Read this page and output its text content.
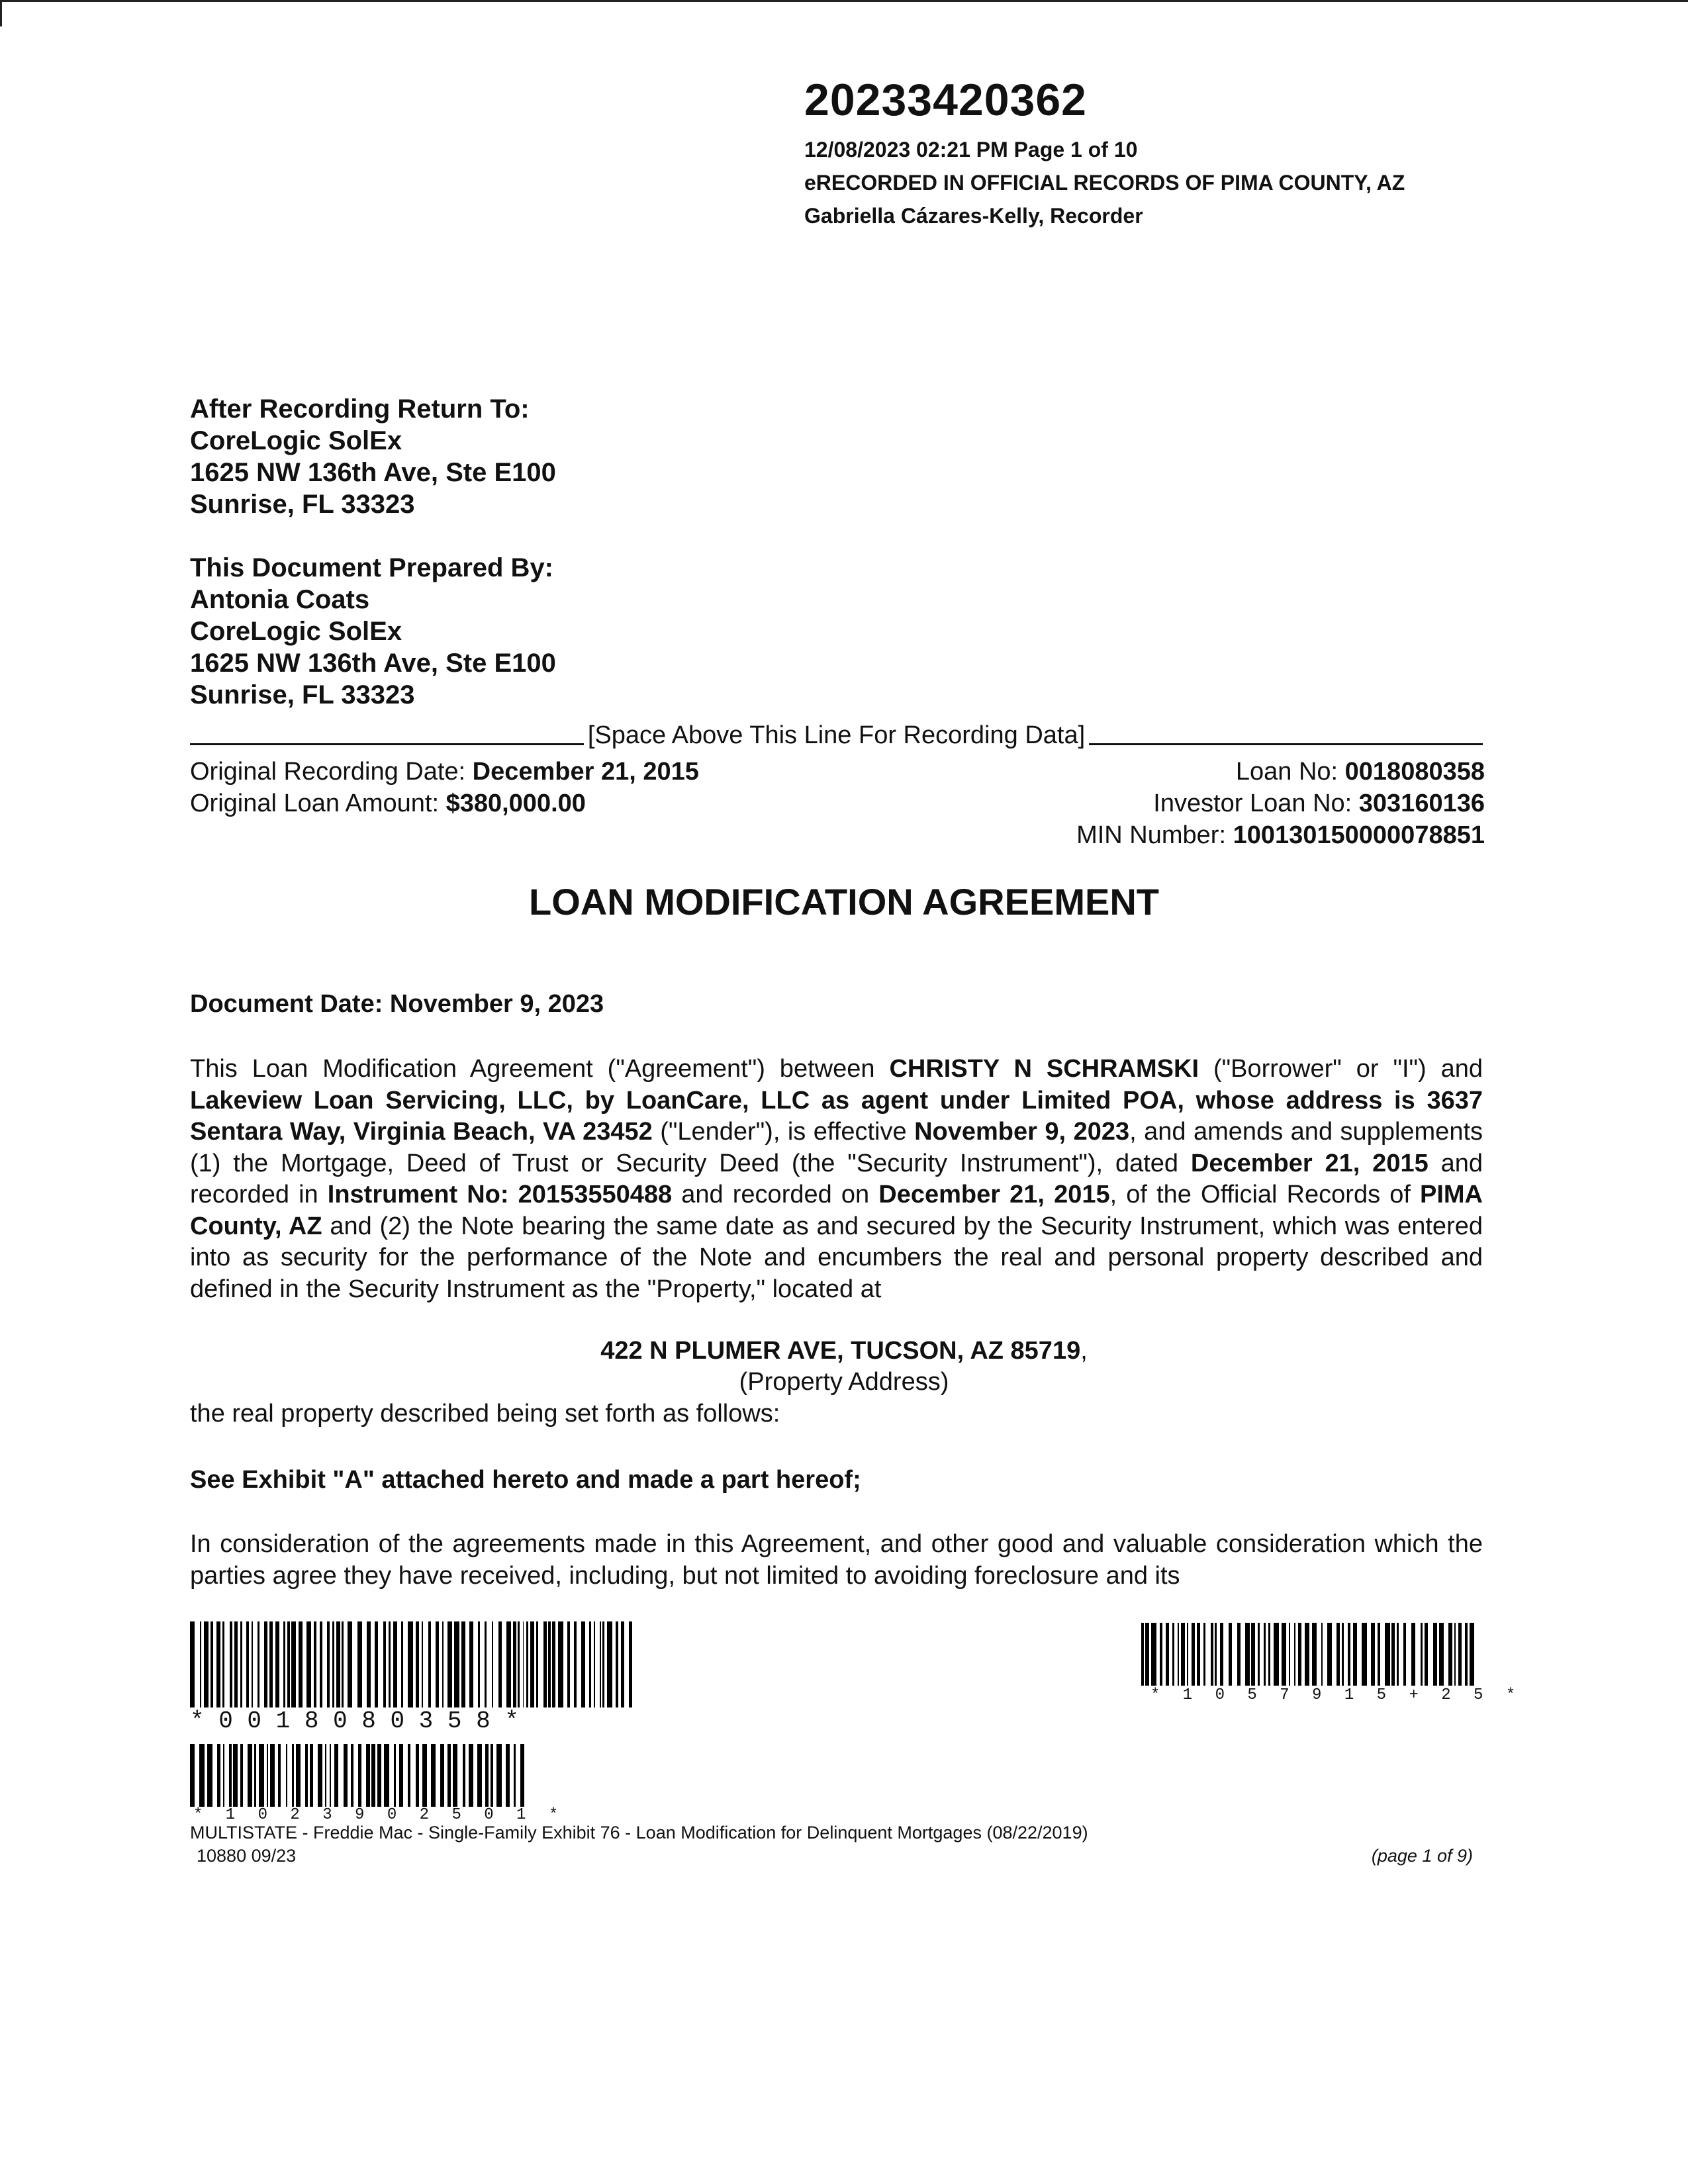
20233420362
12/08/2023 02:21 PM Page 1 of 10
eRECORDED IN OFFICIAL RECORDS OF PIMA COUNTY, AZ
Gabriella Cázares-Kelly, Recorder
After Recording Return To:
CoreLogic SolEx
1625 NW 136th Ave, Ste E100
Sunrise, FL 33323
This Document Prepared By:
Antonia Coats
CoreLogic SolEx
1625 NW 136th Ave, Ste E100
Sunrise, FL 33323
[Space Above This Line For Recording Data]
Original Recording Date: December 21, 2015
Original Loan Amount: $380,000.00
Loan No: 0018080358
Investor Loan No: 303160136
MIN Number: 100130150000078851
LOAN MODIFICATION AGREEMENT
Document Date: November 9, 2023
This Loan Modification Agreement ("Agreement") between CHRISTY N SCHRAMSKI ("Borrower" or "I") and Lakeview Loan Servicing, LLC, by LoanCare, LLC as agent under Limited POA, whose address is 3637 Sentara Way, Virginia Beach, VA 23452 ("Lender"), is effective November 9, 2023, and amends and supplements (1) the Mortgage, Deed of Trust or Security Deed (the "Security Instrument"), dated December 21, 2015 and recorded in Instrument No: 20153550488 and recorded on December 21, 2015, of the Official Records of PIMA County, AZ and (2) the Note bearing the same date as and secured by the Security Instrument, which was entered into as security for the performance of the Note and encumbers the real and personal property described and defined in the Security Instrument as the "Property," located at
422 N PLUMER AVE, TUCSON, AZ 85719,
(Property Address)
the real property described being set forth as follows:
See Exhibit "A" attached hereto and made a part hereof;
In consideration of the agreements made in this Agreement, and other good and valuable consideration which the parties agree they have received, including, but not limited to avoiding foreclosure and its
* 0 0 1 8 0 8 0 3 5 8 *
* 1 0 5 7 9 1 5 + 2 5 *
* 1 0 2 3 9 0 2 5 0 1 *
MULTISTATE - Freddie Mac - Single-Family Exhibit 76 - Loan Modification for Delinquent Mortgages (08/22/2019)
10880 09/23	(page 1 of 9)
